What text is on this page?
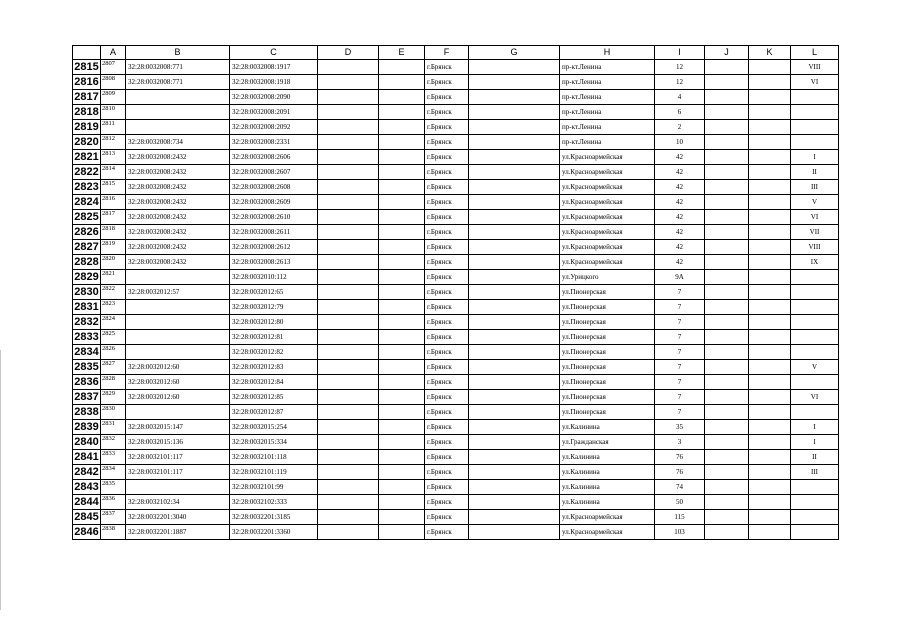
	A	B	C	D	E	F	G	H	I	J	K	L
2815	2807	32:28:0032008:771	32:28:0032008:1917			г.Брянск		пр-кт.Ленина	12			VIII
2816	2808	32:28:0032008:771	32:28:0032008:1918			г.Брянск		пр-кт.Ленина	12			VI
2817	2809		32:28:0032008:2090			г.Брянск		пр-кт.Ленина	4			
2818	2810		32:28:0032008:2091			г.Брянск		пр-кт.Ленина	6			
2819	2811		32:28:0032008:2092			г.Брянск		пр-кт.Ленина	2			
2820	2812	32:28:0032008:734	32:28:0032008:2331			г.Брянск		пр-кт.Ленина	10			
2821	2813	32:28:0032008:2432	32:28:0032008:2606			г.Брянск		ул.Красноармейская	42			I
2822	2814	32:28:0032008:2432	32:28:0032008:2607			г.Брянск		ул.Красноармейская	42			II
2823	2815	32:28:0032008:2432	32:28:0032008:2608			г.Брянск		ул.Красноармейская	42			III
2824	2816	32:28:0032008:2432	32:28:0032008:2609			г.Брянск		ул.Красноармейская	42			V
2825	2817	32:28:0032008:2432	32:28:0032008:2610			г.Брянск		ул.Красноармейская	42			VI
2826	2818	32:28:0032008:2432	32:28:0032008:2611			г.Брянск		ул.Красноармейская	42			VII
2827	2819	32:28:0032008:2432	32:28:0032008:2612			г.Брянск		ул.Красноармейская	42			VIII
2828	2820	32:28:0032008:2432	32:28:0032008:2613			г.Брянск		ул.Красноармейская	42			IX
2829	2821		32:28:0032010:112			г.Брянск		ул.Урицкого	9А			
2830	2822	32:28:0032012:57	32:28:0032012:65			г.Брянск		ул.Пионерская	7			
2831	2823		32:28:0032012:79			г.Брянск		ул.Пионерская	7			
2832	2824		32:28:0032012:80			г.Брянск		ул.Пионерская	7			
2833	2825		32:28:0032012:81			г.Брянск		ул.Пионерская	7			
2834	2826		32:28:0032012:82			г.Брянск		ул.Пионерская	7			
2835	2827	32:28:0032012:60	32:28:0032012:83			г.Брянск		ул.Пионерская	7			V
2836	2828	32:28:0032012:60	32:28:0032012:84			г.Брянск		ул.Пионерская	7			
2837	2829	32:28:0032012:60	32:28:0032012:85			г.Брянск		ул.Пионерская	7			VI
2838	2830		32:28:0032012:87			г.Брянск		ул.Пионерская	7			
2839	2831	32:28:0032015:147	32:28:0032015:254			г.Брянск		ул.Калинина	35			I
2840	2832	32:28:0032015:136	32:28:0032015:334			г.Брянск		ул.Гражданская	3			I
2841	2833	32:28:0032101:117	32:28:0032101:118			г.Брянск		ул.Калинина	76			II
2842	2834	32:28:0032101:117	32:28:0032101:119			г.Брянск		ул.Калинина	76			III
2843	2835		32:28:0032101:99			г.Брянск		ул.Калинина	74			
2844	2836	32:28:0032102:34	32:28:0032102:333			г.Брянск		ул.Калинина	50			
2845	2837	32:28:0032201:3040	32:28:0032201:3185			г.Брянск		ул.Красноармейская	115			
2846	2838	32:28:0032201:1887	32:28:0032201:3360			г.Брянск		ул.Красноармейская	103			
